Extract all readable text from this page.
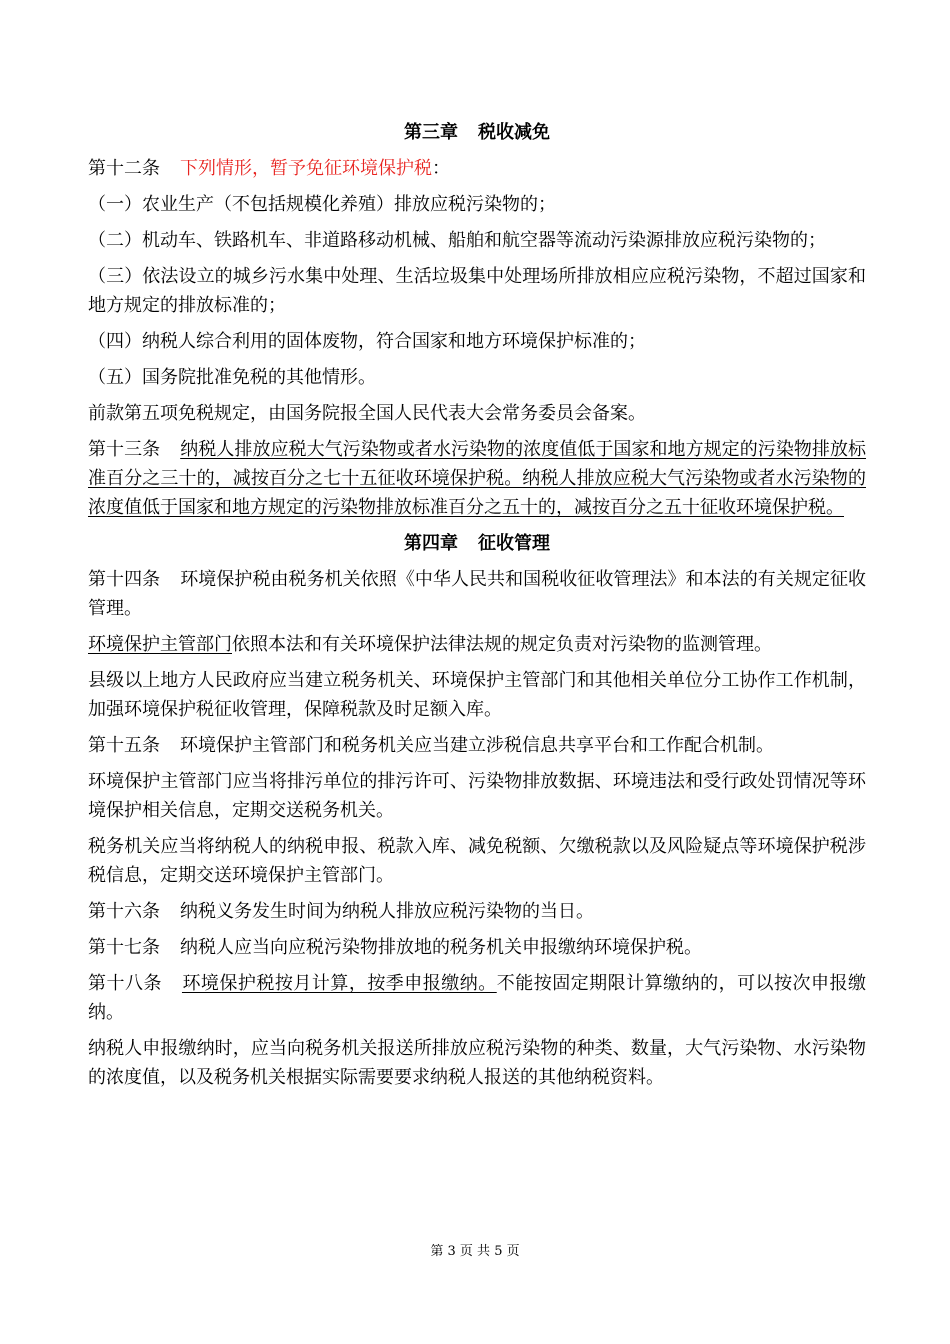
第三章 税收减免

第十二条 下列情形，暂予免征环境保护税：

（一）农业生产（不包括规模化养殖）排放应税污染物的；

（二）机动车、铁路机车、非道路移动机械、船舶和航空器等流动污染源排放应税污染物的；

（三）依法设立的城乡污水集中处理、生活垃圾集中处理场所排放相应应税污染物，不超过国家和地方规定的排放标准的；

（四）纳税人综合利用的固体废物，符合国家和地方环境保护标准的；

（五）国务院批准免税的其他情形。

前款第五项免税规定，由国务院报全国人民代表大会常务委员会备案。

第十三条 纳税人排放应税大气污染物或者水污染物的浓度值低于国家和地方规定的污染物排放标准百分之三十的，减按百分之七十五征收环境保护税。纳税人排放应税大气污染物或者水污染物的浓度值低于国家和地方规定的污染物排放标准百分之五十的，减按百分之五十征收环境保护税。

第四章 征收管理

第十四条 环境保护税由税务机关依照《中华人民共和国税收征收管理法》和本法的有关规定征收管理。

环境保护主管部门依照本法和有关环境保护法律法规的规定负责对污染物的监测管理。

县级以上地方人民政府应当建立税务机关、环境保护主管部门和其他相关单位分工协作工作机制，加强环境保护税征收管理，保障税款及时足额入库。

第十五条 环境保护主管部门和税务机关应当建立涉税信息共享平台和工作配合机制。

环境保护主管部门应当将排污单位的排污许可、污染物排放数据、环境违法和受行政处罚情况等环境保护相关信息，定期交送税务机关。

税务机关应当将纳税人的纳税申报、税款入库、减免税额、欠缴税款以及风险疑点等环境保护税涉税信息，定期交送环境保护主管部门。

第十六条 纳税义务发生时间为纳税人排放应税污染物的当日。

第十七条 纳税人应当向应税污染物排放地的税务机关申报缴纳环境保护税。

第十八条 环境保护税按月计算，按季申报缴纳。不能按固定期限计算缴纳的，可以按次申报缴纳。

纳税人申报缴纳时，应当向税务机关报送所排放应税污染物的种类、数量，大气污染物、水污染物的浓度值，以及税务机关根据实际需要要求纳税人报送的其他纳税资料。

第 3 页 共 5 页
